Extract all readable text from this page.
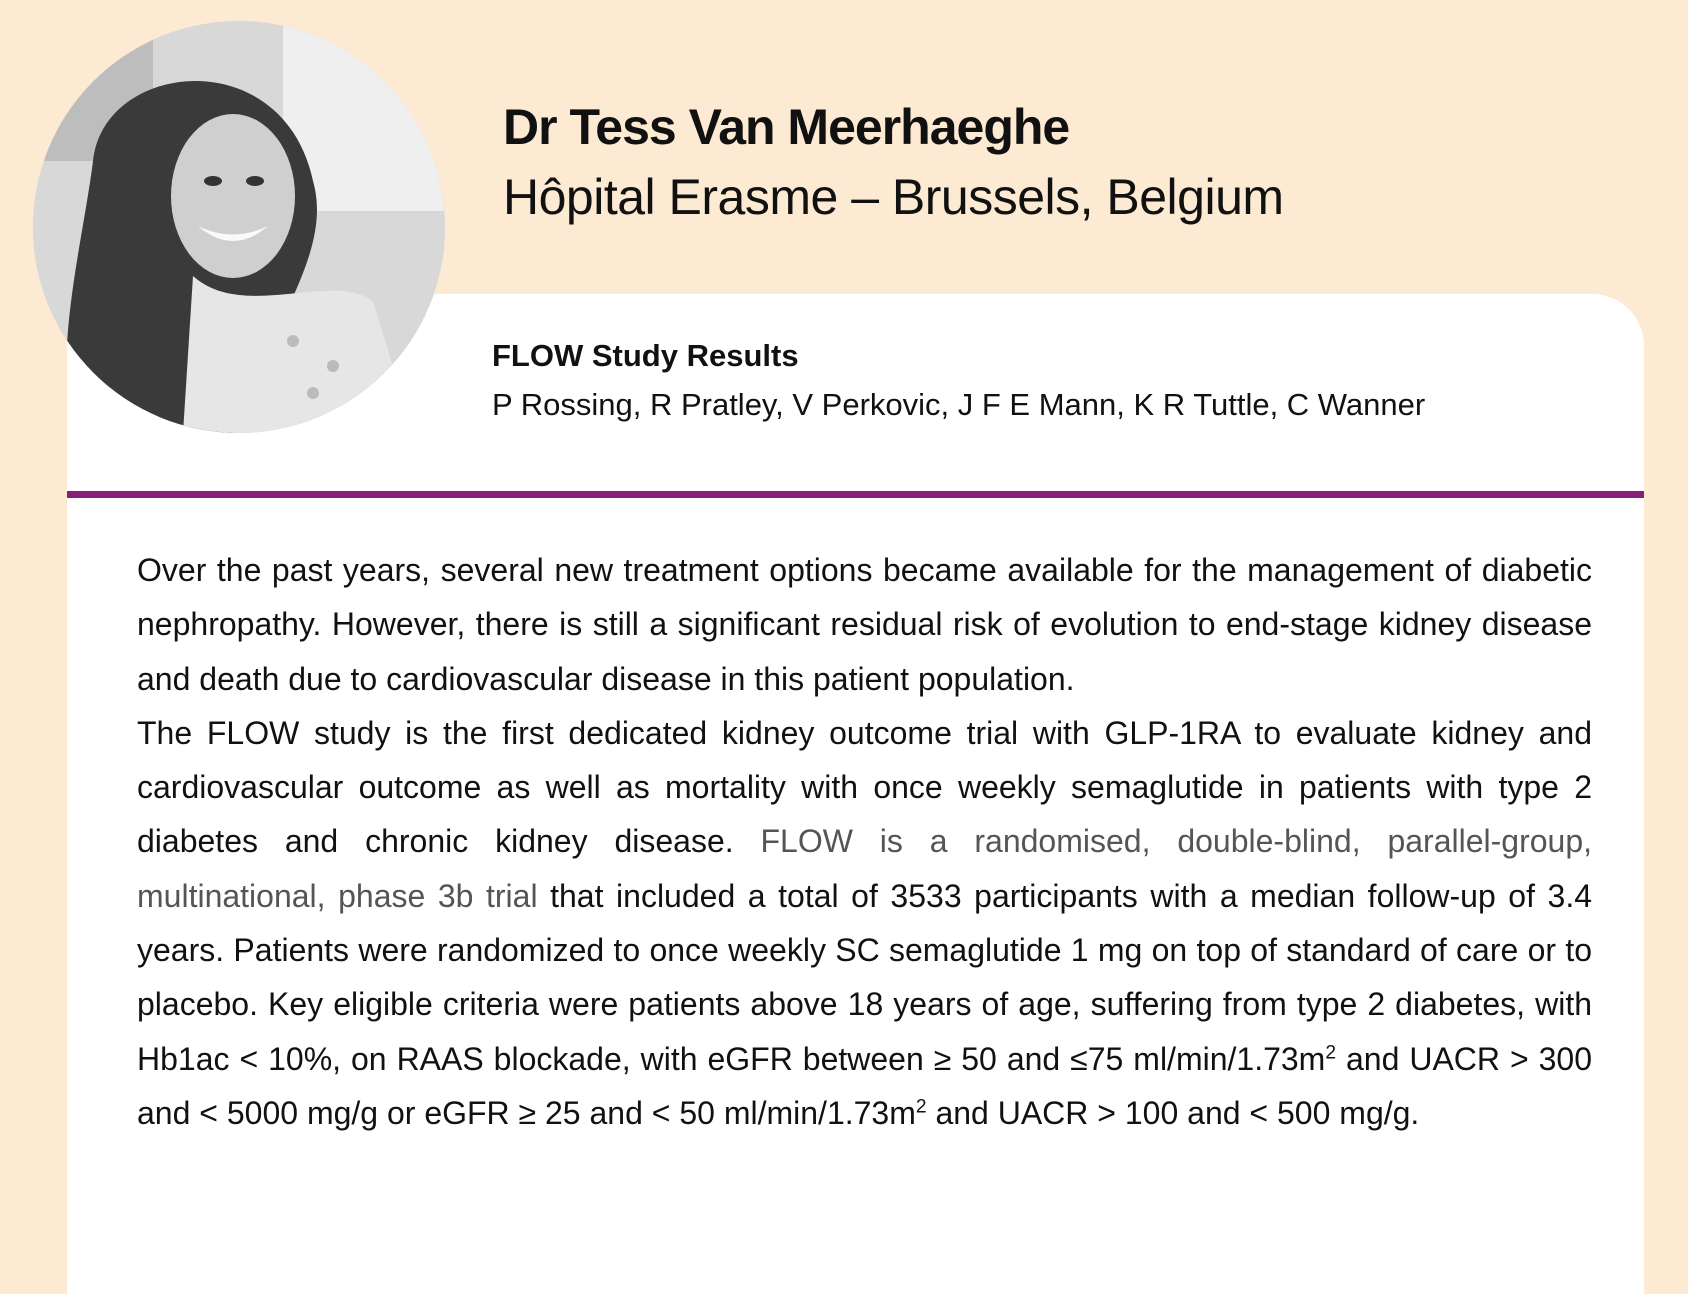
Dr Tess Van Meerhaeghe
Hôpital Erasme – Brussels, Belgium
FLOW Study Results
P Rossing, R Pratley, V Perkovic, J F E Mann, K R Tuttle, C Wanner

Over the past years, several new treatment options became available for the management of diabetic nephropathy. However, there is still a significant residual risk of evolution to end-stage kidney disease and death due to cardiovascular disease in this patient population.

The FLOW study is the first dedicated kidney outcome trial with GLP-1RA to evaluate kidney and cardiovascular outcome as well as mortality with once weekly semaglutide in patients with type 2 diabetes and chronic kidney disease. FLOW is a randomised, double-blind, parallel-group, multinational, phase 3b trial that included a total of 3533 participants with a median follow-up of 3.4 years. Patients were randomized to once weekly SC semaglutide 1 mg on top of standard of care or to placebo. Key eligible criteria were patients above 18 years of age, suffering from type 2 diabetes, with Hb1ac < 10%, on RAAS blockade, with eGFR between ≥ 50 and ≤75 $ml/\min/1.73m^2$ and UACR > 300 and < 5000 mg/g or eGFR ≥ 25 and < 50 $ml/\min/1.73m^2$ and UACR > 100 and < 500 mg/g.
